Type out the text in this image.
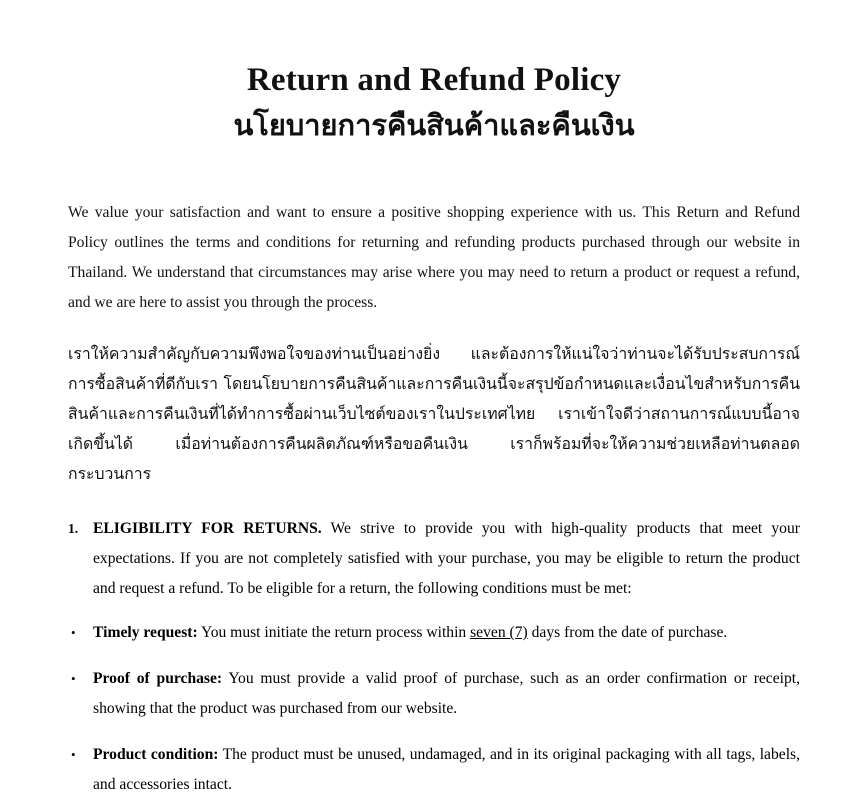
Return and Refund Policy
นโยบายการคืนสินค้าและคืนเงิน

We value your satisfaction and want to ensure a positive shopping experience with us. This Return and Refund Policy outlines the terms and conditions for returning and refunding products purchased through our website in Thailand. We understand that circumstances may arise where you may need to return a product or request a refund, and we are here to assist you through the process.

เราให้ความสำคัญกับความพึงพอใจของท่านเป็นอย่างยิ่ง และต้องการให้แน่ใจว่าท่านจะได้รับประสบการณ์การซื้อสินค้าที่ดีกับเรา โดยนโยบายการคืนสินค้าและการคืนเงินนี้จะสรุปข้อกำหนดและเงื่อนไขสำหรับการคืนสินค้าและการคืนเงินที่ได้ทำการซื้อผ่านเว็บไซต์ของเราในประเทศไทย เราเข้าใจดีว่าสถานการณ์แบบนี้อาจเกิดขึ้นได้ เมื่อท่านต้องการคืนผลิตภัณฑ์หรือขอคืนเงิน เราก็พร้อมที่จะให้ความช่วยเหลือท่านตลอดกระบวนการ

1. ELIGIBILITY FOR RETURNS. We strive to provide you with high-quality products that meet your expectations. If you are not completely satisfied with your purchase, you may be eligible to return the product and request a refund. To be eligible for a return, the following conditions must be met:
• Timely request: You must initiate the return process within seven (7) days from the date of purchase.
• Proof of purchase: You must provide a valid proof of purchase, such as an order confirmation or receipt, showing that the product was purchased from our website.
• Product condition: The product must be unused, undamaged, and in its original packaging with all tags, labels, and accessories intact.
